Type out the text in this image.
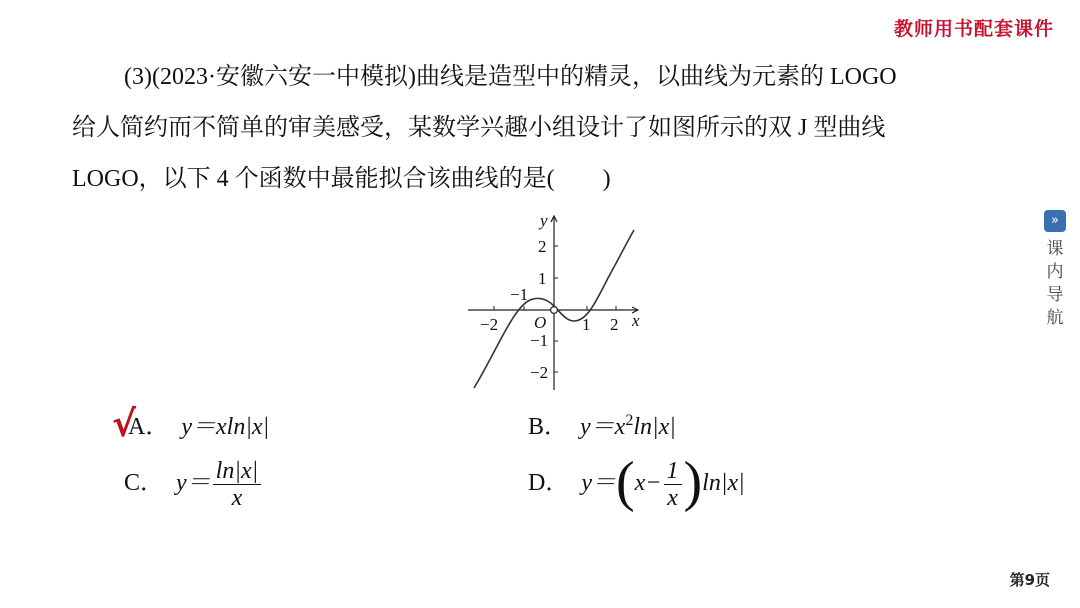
教师用书配套课件

(3)(2023·安徽六安一中模拟)曲线是造型中的精灵，以曲线为元素的 LOGO

给人简约而不简单的审美感受，某数学兴趣小组设计了如图所示的双 J 型曲线

LOGO，以下 4 个函数中最能拟合该曲线的是(　　)

y
x
O
2
1
−1
−1
−2
−2	1 2
A． y＝xln|x|
√	B． $y=x^2\ln|x|$
C． $y= \frac{\ln|x|}{x}$	D． $y=(x- \frac{1}{x} )\ln|x|$
»
课内导航
第9页
